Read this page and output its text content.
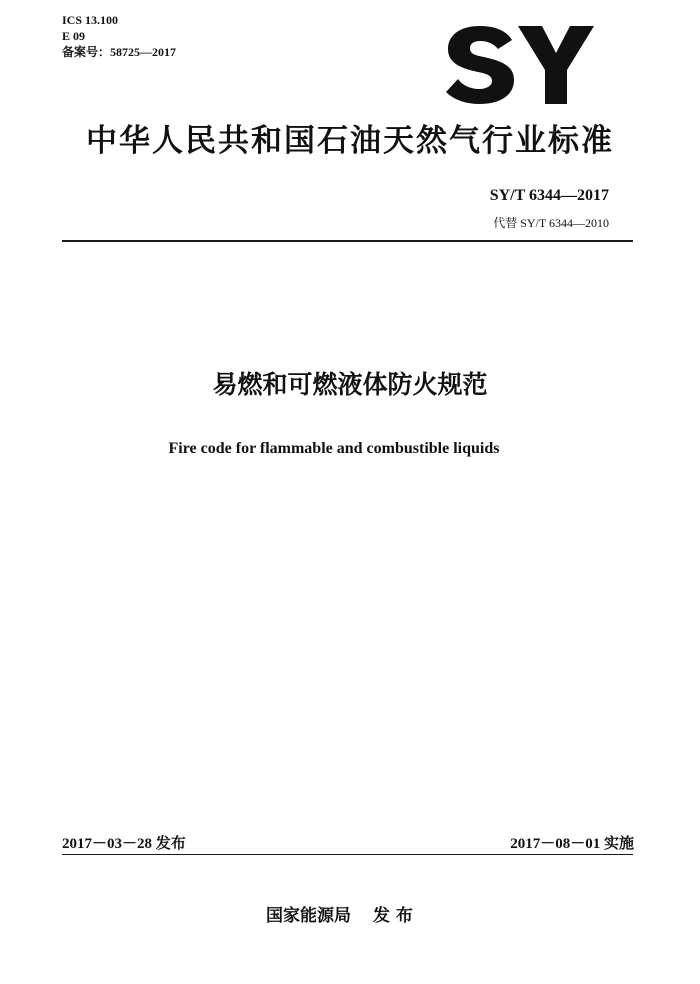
ICS 13.100
E 09
备案号：58725—2017
中华人民共和国石油天然气行业标准
SY/T 6344—2017
代替 SY/T 6344—2010
易燃和可燃液体防火规范
Fire code for flammable and combustible liquids
2017－03－28 发布	2017－08－01 实施
国家能源局 发 布
